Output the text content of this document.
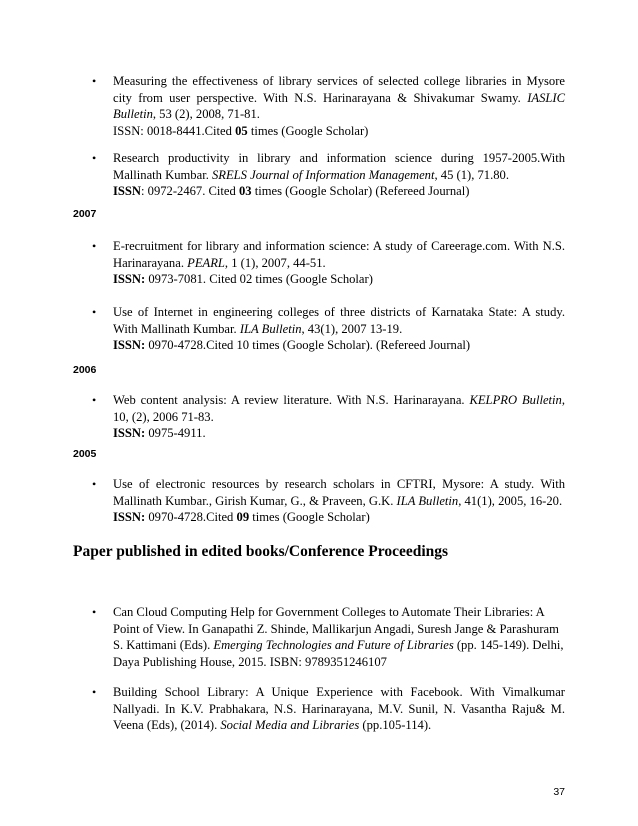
• Measuring the effectiveness of library services of selected college libraries in Mysore city from user perspective. With N.S. Harinarayana & Shivakumar Swamy. IASLIC Bulletin, 53 (2), 2008, 71-81.

ISSN: 0018-8441.Cited 05 times (Google Scholar)

• Research productivity in library and information science during 1957-2005.With Mallinath Kumbar. SRELS Journal of Information Management, 45 (1), 71.80.

ISSN: 0972-2467. Cited 03 times (Google Scholar) (Refereed Journal)

2007
• E-recruitment for library and information science: A study of Careerage.com. With N.S. Harinarayana. PEARL, 1 (1), 2007, 44-51.

ISSN: 0973-7081. Cited 02 times (Google Scholar)

• Use of Internet in engineering colleges of three districts of Karnataka State: A study. With Mallinath Kumbar. ILA Bulletin, 43(1), 2007 13-19.

ISSN: 0970-4728.Cited 10 times (Google Scholar). (Refereed Journal)

2006
• Web content analysis: A review literature. With N.S. Harinarayana. KELPRO Bulletin, 10, (2), 2006 71-83.

ISSN: 0975-4911.

2005
• Use of electronic resources by research scholars in CFTRI, Mysore: A study. With Mallinath Kumbar., Girish Kumar, G., & Praveen, G.K. ILA Bulletin, 41(1), 2005, 16-20.

ISSN: 0970-4728.Cited 09 times (Google Scholar)

Paper published in edited books/Conference Proceedings
• Can Cloud Computing Help for Government Colleges to Automate Their Libraries: A Point of View. In Ganapathi Z. Shinde, Mallikarjun Angadi, Suresh Jange & Parashuram S. Kattimani (Eds). Emerging Technologies and Future of Libraries (pp. 145-149). Delhi, Daya Publishing House, 2015. ISBN: 9789351246107

• Building School Library: A Unique Experience with Facebook. With Vimalkumar Nallyadi. In K.V. Prabhakara, N.S. Harinarayana, M.V. Sunil, N. Vasantha Raju& M. Veena (Eds), (2014). Social Media and Libraries (pp.105-114).

37
